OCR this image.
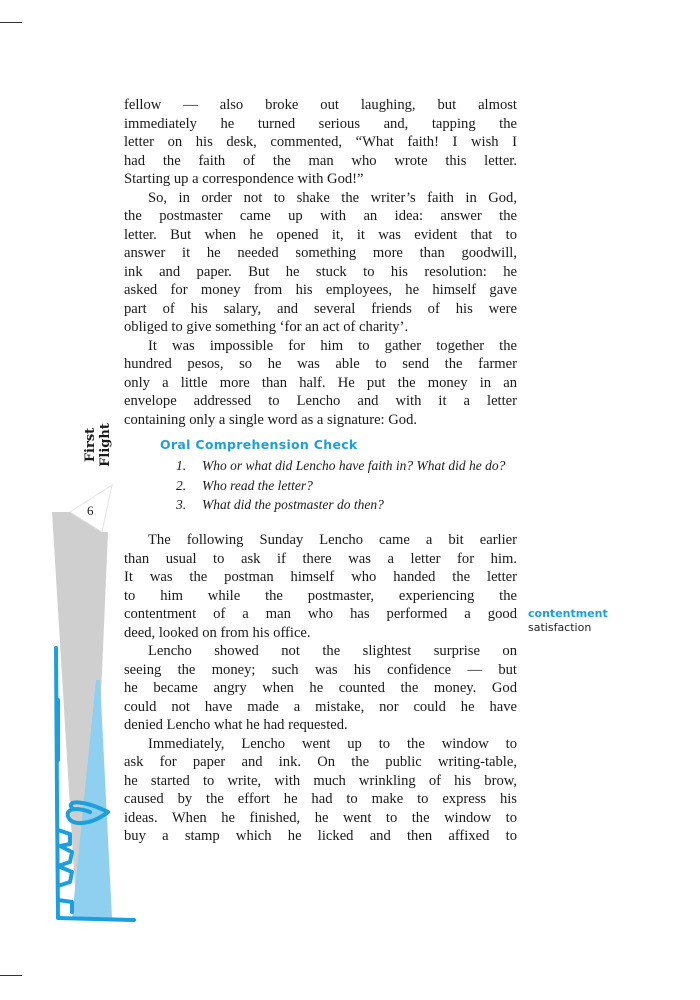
First Flight
6
fellow — also broke out laughing, but almost
immediately he turned serious and, tapping the
letter on his desk, commented, “What faith! I wish I
had the faith of the man who wrote this letter.
Starting up a correspondence with God!”
So, in order not to shake the writer’s faith in God,
the postmaster came up with an idea: answer the
letter. But when he opened it, it was evident that to
answer it he needed something more than goodwill,
ink and paper. But he stuck to his resolution: he
asked for money from his employees, he himself gave
part of his salary, and several friends of his were
obliged to give something ‘for an act of charity’.
It was impossible for him to gather together the
hundred pesos, so he was able to send the farmer
only a little more than half. He put the money in an
envelope addressed to Lencho and with it a letter
containing only a single word as a signature: God.
Oral Comprehension Check
1. Who or what did Lencho have faith in? What did he do?
2. Who read the letter?
3. What did the postmaster do then?
The following Sunday Lencho came a bit earlier
than usual to ask if there was a letter for him.
It was the postman himself who handed the letter
to him while the postmaster, experiencing the
contentment of a man who has performed a good
deed, looked on from his office.
Lencho showed not the slightest surprise on
seeing the money; such was his confidence — but
he became angry when he counted the money. God
could not have made a mistake, nor could he have
denied Lencho what he had requested.
Immediately, Lencho went up to the window to
ask for paper and ink. On the public writing-table,
he started to write, with much wrinkling of his brow,
caused by the effort he had to make to express his
ideas. When he finished, he went to the window to
buy a stamp which he licked and then affixed to
contentment
satisfaction
